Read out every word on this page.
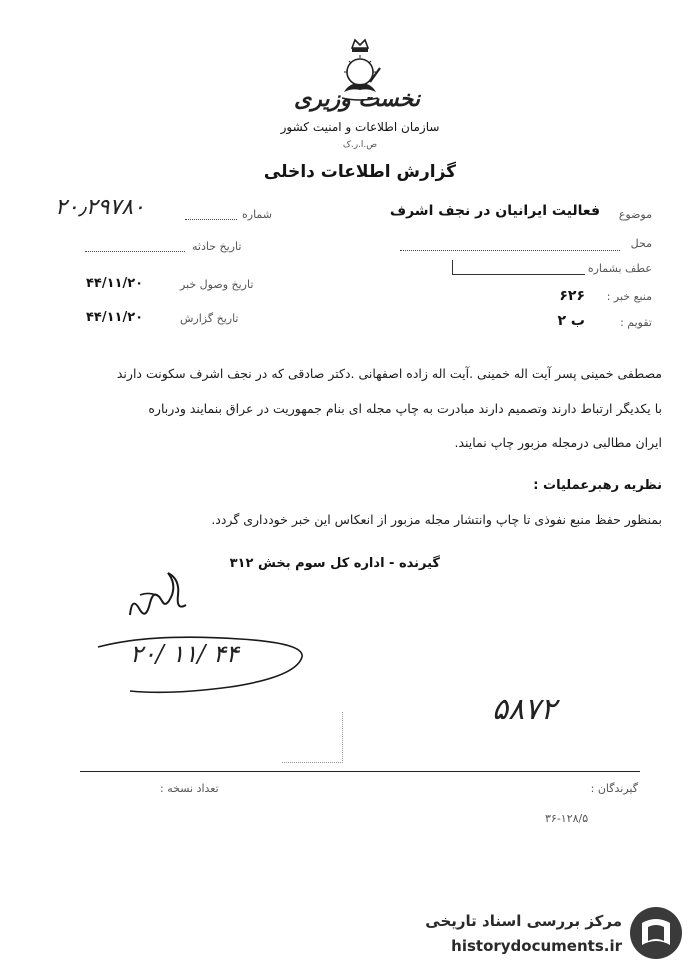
نخست وزیری
سازمان اطلاعات و امنیت کشور
ص.ا.ر.ک
گزارش اطلاعات داخلی
موضوع
فعالیت ایرانیان در نجف اشرف
محل
عطف بشماره
منبع خبر :
۶۲۶
تقویم :
ب ۲
شماره
۲۰٫۲۹۷۸۰
تاریخ حادثه
تاریخ وصول خبر
۴۴/۱۱/۲۰
تاریخ گزارش
۴۴/۱۱/۲۰
مصطفی خمینی پسر آیت اله خمینی .آیت اله زاده اصفهانی .دکتر صادقی که در نجف اشرف سکونت دارند
با یکدیگر ارتباط دارند وتصمیم دارند مبادرت به چاپ مجله ای بنام جمهوریت در عراق بنمایند ودرباره
ایران مطالبی درمجله مزبور چاپ نمایند.
نظریه رهبرعملیات :
بمنظور حفظ منبع نفوذی تا چاپ وانتشار مجله مزبور از انعکاس این خبر خودداری گردد.
گیرنده - اداره کل سوم بخش ۳۱۲
۲۰/ ۱۱/ ۴۴
۵۸۷۲
گیرندگان :
تعداد نسخه :
۳۶-۱۲۸/۵
مرکز بررسی اسناد تاریخی
historydocuments.ir
